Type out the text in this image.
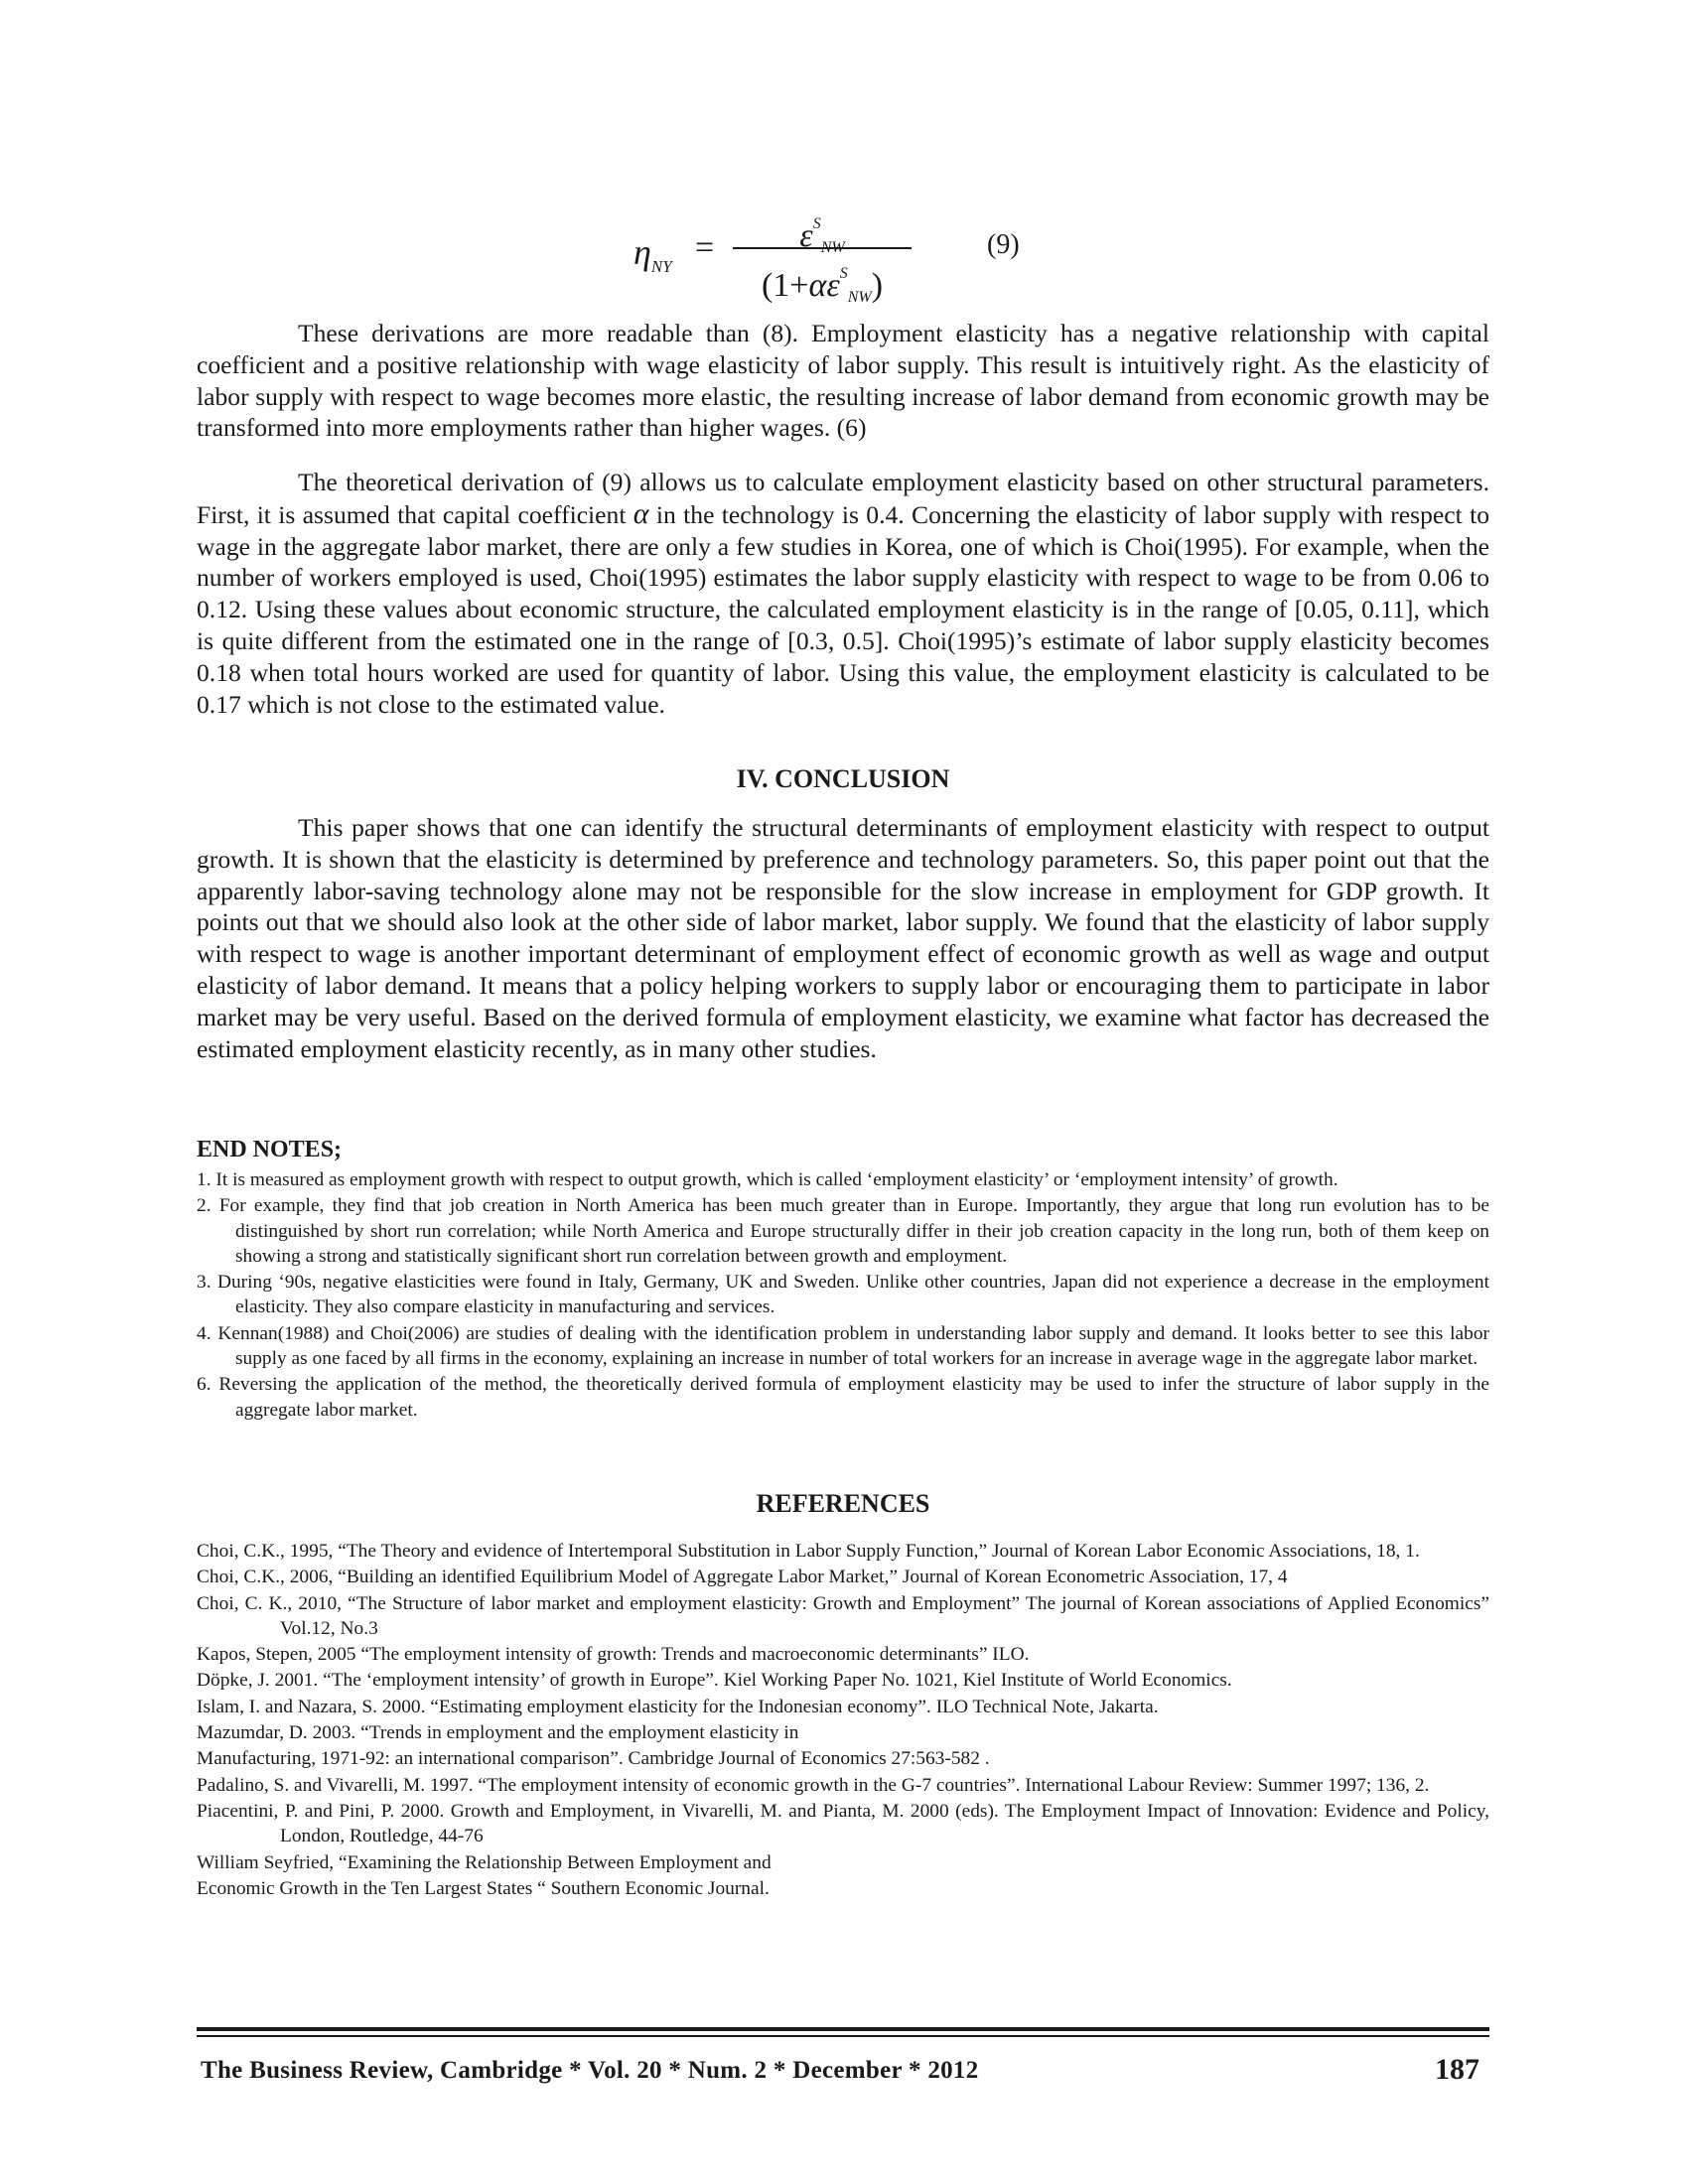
$\eta_{NY}$
=	$\varepsilon^SNW$
$(1+\alpha\varepsilon^SNW)$
(9)

These derivations are more readable than (8). Employment elasticity has a negative relationship with capital coefficient and a positive relationship with wage elasticity of labor supply. This result is intuitively right. As the elasticity of labor supply with respect to wage becomes more elastic, the resulting increase of labor demand from economic growth may be transformed into more employments rather than higher wages. (6)

The theoretical derivation of (9) allows us to calculate employment elasticity based on other structural parameters. First, it is assumed that capital coefficient α in the technology is 0.4. Concerning the elasticity of labor supply with respect to wage in the aggregate labor market, there are only a few studies in Korea, one of which is Choi(1995). For example, when the number of workers employed is used, Choi(1995) estimates the labor supply elasticity with respect to wage to be from 0.06 to 0.12. Using these values about economic structure, the calculated employment elasticity is in the range of [0.05, 0.11], which is quite different from the estimated one in the range of [0.3, 0.5]. Choi(1995)’s estimate of labor supply elasticity becomes 0.18 when total hours worked are used for quantity of labor. Using this value, the employment elasticity is calculated to be 0.17 which is not close to the estimated value.

IV. CONCLUSION

This paper shows that one can identify the structural determinants of employment elasticity with respect to output growth. It is shown that the elasticity is determined by preference and technology parameters. So, this paper point out that the apparently labor-saving technology alone may not be responsible for the slow increase in employment for GDP growth. It points out that we should also look at the other side of labor market, labor supply. We found that the elasticity of labor supply with respect to wage is another important determinant of employment effect of economic growth as well as wage and output elasticity of labor demand. It means that a policy helping workers to supply labor or encouraging them to participate in labor market may be very useful. Based on the derived formula of employment elasticity, we examine what factor has decreased the estimated employment elasticity recently, as in many other studies.

END NOTES;
1. It is measured as employment growth with respect to output growth, which is called ‘employment elasticity’ or ‘employment intensity’ of growth.
2. For example, they find that job creation in North America has been much greater than in Europe. Importantly, they argue that long run evolution has to be distinguished by short run correlation; while North America and Europe structurally differ in their job creation capacity in the long run, both of them keep on showing a strong and statistically significant short run correlation between growth and employment.
3. During ‘90s, negative elasticities were found in Italy, Germany, UK and Sweden. Unlike other countries, Japan did not experience a decrease in the employment elasticity. They also compare elasticity in manufacturing and services.
4. Kennan(1988) and Choi(2006) are studies of dealing with the identification problem in understanding labor supply and demand. It looks better to see this labor supply as one faced by all firms in the economy, explaining an increase in number of total workers for an increase in average wage in the aggregate labor market.
6. Reversing the application of the method, the theoretically derived formula of employment elasticity may be used to infer the structure of labor supply in the aggregate labor market.
REFERENCES
Choi, C.K., 1995, “The Theory and evidence of Intertemporal Substitution in Labor Supply Function,” Journal of Korean Labor Economic Associations, 18, 1.
Choi, C.K., 2006, “Building an identified Equilibrium Model of Aggregate Labor Market,” Journal of Korean Econometric Association, 17, 4
Choi, C. K., 2010, “The Structure of labor market and employment elasticity: Growth and Employment” The journal of Korean associations of Applied Economics” Vol.12, No.3
Kapos, Stepen, 2005 “The employment intensity of growth: Trends and macroeconomic determinants” ILO.
Döpke, J. 2001. “The ‘employment intensity’ of growth in Europe”. Kiel Working Paper No. 1021, Kiel Institute of World Economics.
Islam, I. and Nazara, S. 2000. “Estimating employment elasticity for the Indonesian economy”. ILO Technical Note, Jakarta.
Mazumdar, D. 2003. “Trends in employment and the employment elasticity in
Manufacturing, 1971-92: an international comparison”. Cambridge Journal of Economics 27:563-582 .
Padalino, S. and Vivarelli, M. 1997. “The employment intensity of economic growth in the G-7 countries”. International Labour Review: Summer 1997; 136, 2.
Piacentini, P. and Pini, P. 2000. Growth and Employment, in Vivarelli, M. and Pianta, M. 2000 (eds). The Employment Impact of Innovation: Evidence and Policy, London, Routledge, 44-76
William Seyfried, “Examining the Relationship Between Employment and
Economic Growth in the Ten Largest States “ Southern Economic Journal.
The Business Review, Cambridge * Vol. 20 * Num. 2 * December * 2012	187
